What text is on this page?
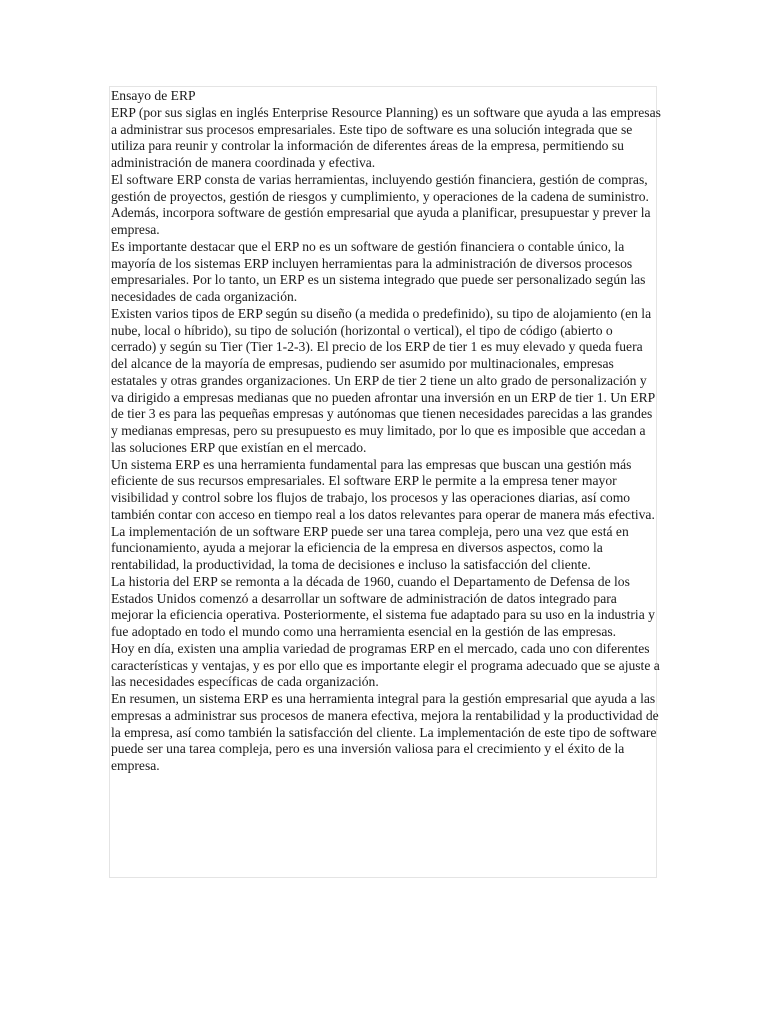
Ensayo de ERP

ERP (por sus siglas en inglés Enterprise Resource Planning) es un software que ayuda a las empresas a administrar sus procesos empresariales. Este tipo de software es una solución integrada que se utiliza para reunir y controlar la información de diferentes áreas de la empresa, permitiendo su administración de manera coordinada y efectiva.

El software ERP consta de varias herramientas, incluyendo gestión financiera, gestión de compras, gestión de proyectos, gestión de riesgos y cumplimiento, y operaciones de la cadena de suministro. Además, incorpora software de gestión empresarial que ayuda a planificar, presupuestar y prever la empresa.

Es importante destacar que el ERP no es un software de gestión financiera o contable único, la mayoría de los sistemas ERP incluyen herramientas para la administración de diversos procesos empresariales. Por lo tanto, un ERP es un sistema integrado que puede ser personalizado según las necesidades de cada organización.

Existen varios tipos de ERP según su diseño (a medida o predefinido), su tipo de alojamiento (en la nube, local o híbrido), su tipo de solución (horizontal o vertical), el tipo de código (abierto o cerrado) y según su Tier (Tier 1-2-3). El precio de los ERP de tier 1 es muy elevado y queda fuera del alcance de la mayoría de empresas, pudiendo ser asumido por multinacionales, empresas estatales y otras grandes organizaciones. Un ERP de tier 2 tiene un alto grado de personalización y va dirigido a empresas medianas que no pueden afrontar una inversión en un ERP de tier 1. Un ERP de tier 3 es para las pequeñas empresas y autónomas que tienen necesidades parecidas a las grandes y medianas empresas, pero su presupuesto es muy limitado, por lo que es imposible que accedan a las soluciones ERP que existían en el mercado.

Un sistema ERP es una herramienta fundamental para las empresas que buscan una gestión más eficiente de sus recursos empresariales. El software ERP le permite a la empresa tener mayor visibilidad y control sobre los flujos de trabajo, los procesos y las operaciones diarias, así como también contar con acceso en tiempo real a los datos relevantes para operar de manera más efectiva.

La implementación de un software ERP puede ser una tarea compleja, pero una vez que está en funcionamiento, ayuda a mejorar la eficiencia de la empresa en diversos aspectos, como la rentabilidad, la productividad, la toma de decisiones e incluso la satisfacción del cliente.

La historia del ERP se remonta a la década de 1960, cuando el Departamento de Defensa de los Estados Unidos comenzó a desarrollar un software de administración de datos integrado para mejorar la eficiencia operativa. Posteriormente, el sistema fue adaptado para su uso en la industria y fue adoptado en todo el mundo como una herramienta esencial en la gestión de las empresas.

Hoy en día, existen una amplia variedad de programas ERP en el mercado, cada uno con diferentes características y ventajas, y es por ello que es importante elegir el programa adecuado que se ajuste a las necesidades específicas de cada organización.

En resumen, un sistema ERP es una herramienta integral para la gestión empresarial que ayuda a las empresas a administrar sus procesos de manera efectiva, mejora la rentabilidad y la productividad de la empresa, así como también la satisfacción del cliente. La implementación de este tipo de software puede ser una tarea compleja, pero es una inversión valiosa para el crecimiento y el éxito de la empresa.
